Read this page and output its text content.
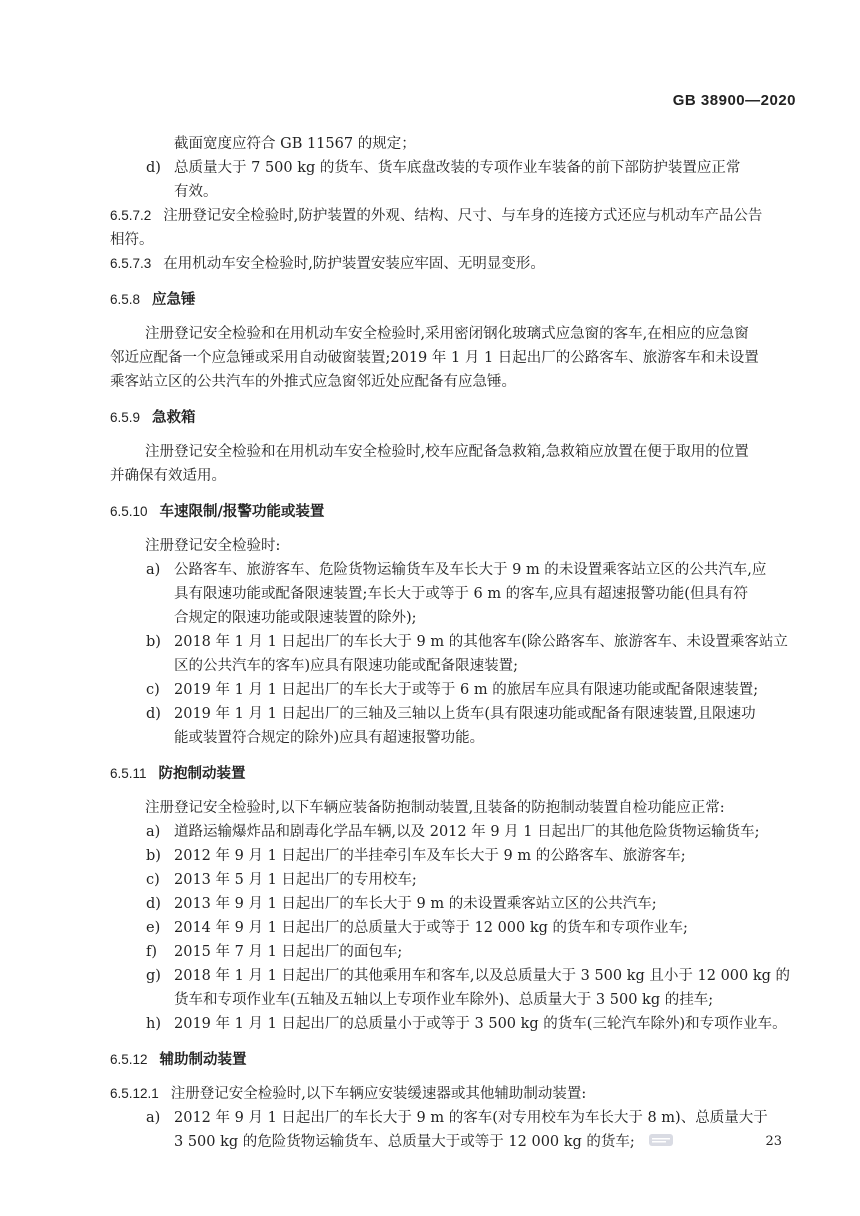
GB 38900—2020
截面宽度应符合 GB 11567 的规定；
d) 总质量大于 7 500 kg 的货车、货车底盘改装的专项作业车装备的前下部防护装置应正常
有效。
6.5.7.2 注册登记安全检验时,防护装置的外观、结构、尺寸、与车身的连接方式还应与机动车产品公告

相符。

6.5.7.3 在用机动车安全检验时,防护装置安装应牢固、无明显变形。
6.5.8 应急锤

注册登记安全检验和在用机动车安全检验时,采用密闭钢化玻璃式应急窗的客车,在相应的应急窗

邻近应配备一个应急锤或采用自动破窗装置;2019 年 1 月 1 日起出厂的公路客车、旅游客车和未设置

乘客站立区的公共汽车的外推式应急窗邻近处应配备有应急锤。

6.5.9 急救箱

注册登记安全检验和在用机动车安全检验时,校车应配备急救箱,急救箱应放置在便于取用的位置

并确保有效适用。

6.5.10 车速限制/报警功能或装置

注册登记安全检验时:

a) 公路客车、旅游客车、危险货物运输货车及车长大于 9 m 的未设置乘客站立区的公共汽车,应
具有限速功能或配备限速装置;车长大于或等于 6 m 的客车,应具有超速报警功能(但具有符
合规定的限速功能或限速装置的除外);
b) 2018 年 1 月 1 日起出厂的车长大于 9 m 的其他客车(除公路客车、旅游客车、未设置乘客站立
区的公共汽车的客车)应具有限速功能或配备限速装置;
c) 2019 年 1 月 1 日起出厂的车长大于或等于 6 m 的旅居车应具有限速功能或配备限速装置;
d) 2019 年 1 月 1 日起出厂的三轴及三轴以上货车(具有限速功能或配备有限速装置,且限速功
能或装置符合规定的除外)应具有超速报警功能。
6.5.11 防抱制动装置

注册登记安全检验时,以下车辆应装备防抱制动装置,且装备的防抱制动装置自检功能应正常:

a) 道路运输爆炸品和剧毒化学品车辆,以及 2012 年 9 月 1 日起出厂的其他危险货物运输货车;
b) 2012 年 9 月 1 日起出厂的半挂牵引车及车长大于 9 m 的公路客车、旅游客车;
c) 2013 年 5 月 1 日起出厂的专用校车;
d) 2013 年 9 月 1 日起出厂的车长大于 9 m 的未设置乘客站立区的公共汽车;
e) 2014 年 9 月 1 日起出厂的总质量大于或等于 12 000 kg 的货车和专项作业车;
f)	2015 年 7 月 1 日起出厂的面包车;
g) 2018 年 1 月 1 日起出厂的其他乘用车和客车,以及总质量大于 3 500 kg 且小于 12 000 kg 的
货车和专项作业车(五轴及五轴以上专项作业车除外)、总质量大于 3 500 kg 的挂车;
h) 2019 年 1 月 1 日起出厂的总质量小于或等于 3 500 kg 的货车(三轮汽车除外)和专项作业车。
6.5.12 辅助制动装置
6.5.12.1 注册登记安全检验时,以下车辆应安装缓速器或其他辅助制动装置:
a) 2012 年 9 月 1 日起出厂的车长大于 9 m 的客车(对专用校车为车长大于 8 m)、总质量大于
3 500 kg 的危险货物运输货车、总质量大于或等于 12 000 kg 的货车;	23
